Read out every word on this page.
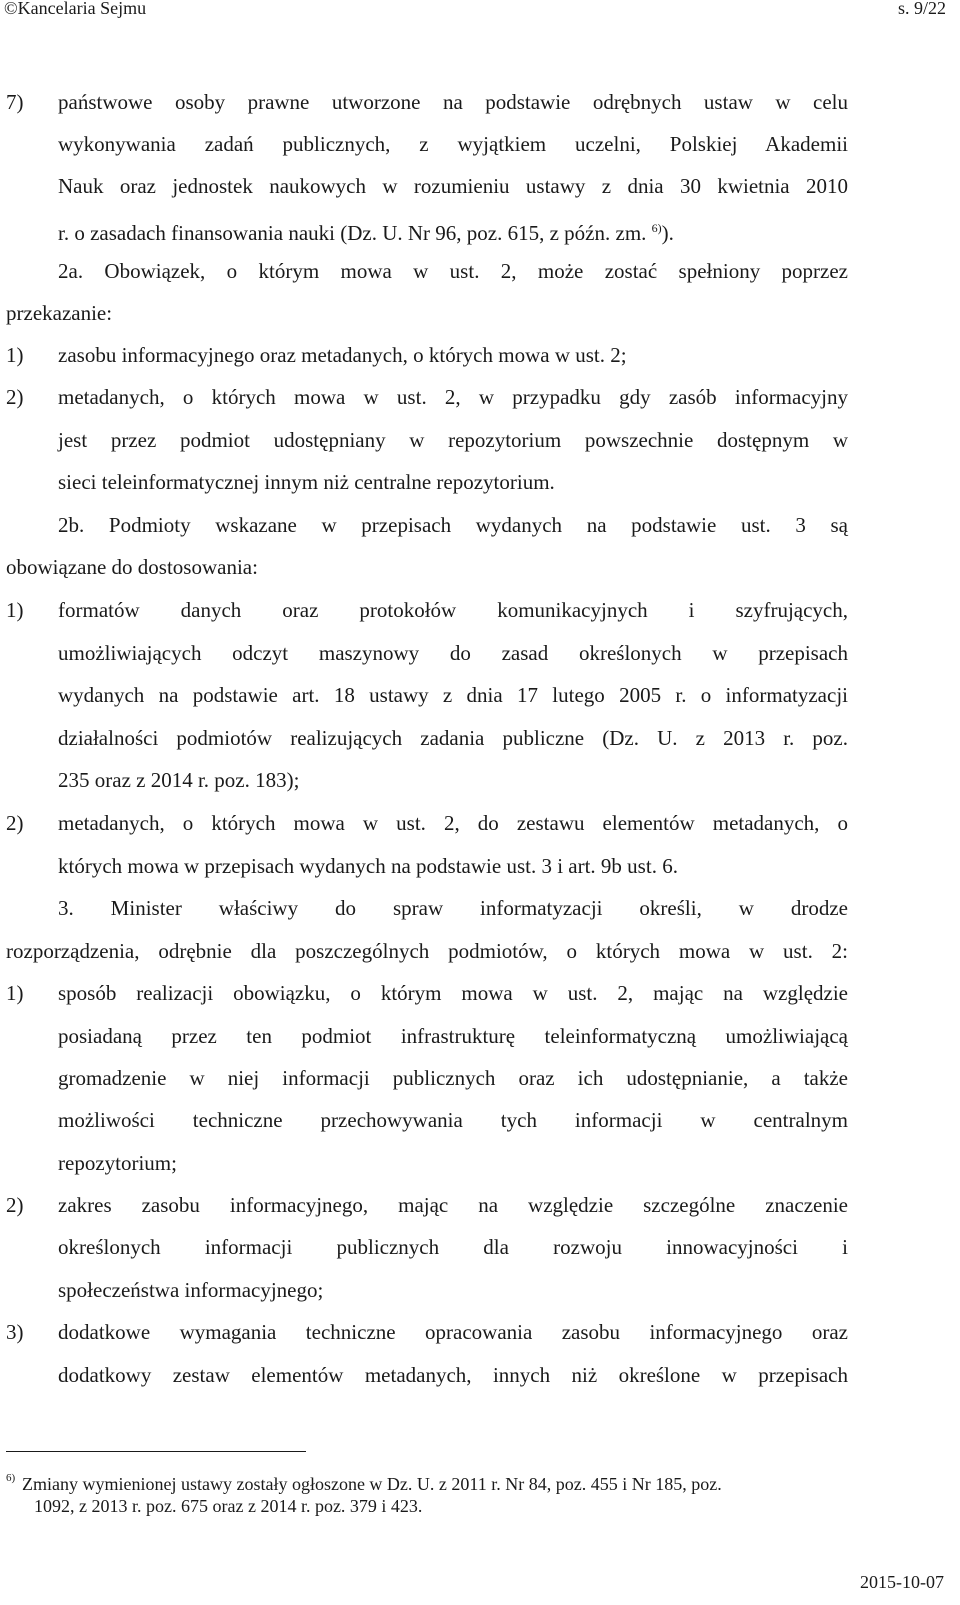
©Kancelaria Sejmu	s. 9/22
7) państwowe osoby prawne utworzone na podstawie odrębnych ustaw w celu
wykonywania zadań publicznych, z wyjątkiem uczelni, Polskiej Akademii
Nauk oraz jednostek naukowych w rozumieniu ustawy z dnia 30 kwietnia 2010
r. o zasadach finansowania nauki (Dz. U. Nr 96, poz. 615, z późn. zm. $^{6)}$).
2a. Obowiązek, o którym mowa w ust. 2, może zostać spełniony poprzez
przekazanie:
1) zasobu informacyjnego oraz metadanych, o których mowa w ust. 2;
2) metadanych, o których mowa w ust. 2, w przypadku gdy zasób informacyjny
jest przez podmiot udostępniany w repozytorium powszechnie dostępnym w
sieci teleinformatycznej innym niż centralne repozytorium.
2b. Podmioty wskazane w przepisach wydanych na podstawie ust. 3 są
obowiązane do dostosowania:
1) formatów danych oraz protokołów komunikacyjnych i szyfrujących,
umożliwiających odczyt maszynowy do zasad określonych w przepisach
wydanych na podstawie art. 18 ustawy z dnia 17 lutego 2005 r. o informatyzacji
działalności podmiotów realizujących zadania publiczne (Dz. U. z 2013 r. poz.
235 oraz z 2014 r. poz. 183);
2) metadanych, o których mowa w ust. 2, do zestawu elementów metadanych, o
których mowa w przepisach wydanych na podstawie ust. 3 i art. 9b ust. 6.
3. Minister właściwy do spraw informatyzacji określi, w drodze
rozporządzenia, odrębnie dla poszczególnych podmiotów, o których mowa w ust. 2:
1) sposób realizacji obowiązku, o którym mowa w ust. 2, mając na względzie
posiadaną przez ten podmiot infrastrukturę teleinformatyczną umożliwiającą
gromadzenie w niej informacji publicznych oraz ich udostępnianie, a także
możliwości techniczne przechowywania tych informacji w centralnym
repozytorium;
2) zakres zasobu informacyjnego, mając na względzie szczególne znaczenie
określonych informacji publicznych dla rozwoju innowacyjności i
społeczeństwa informacyjnego;
3) dodatkowe wymagania techniczne opracowania zasobu informacyjnego oraz
dodatkowy zestaw elementów metadanych, innych niż określone w przepisach
6) Zmiany wymienionej ustawy zostały ogłoszone w Dz. U. z 2011 r. Nr 84, poz. 455 i Nr 185, poz.
1092, z 2013 r. poz. 675 oraz z 2014 r. poz. 379 i 423.
2015-10-07
